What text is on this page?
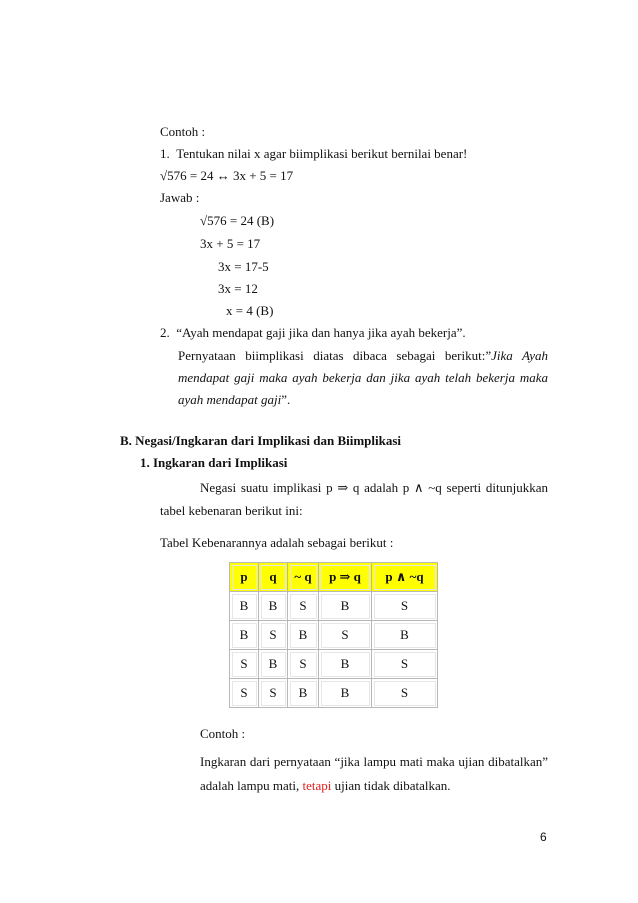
Contoh :
1. Tentukan nilai x agar biimplikasi berikut bernilai benar!
√576 = 24 ↔ 3x + 5 = 17
Jawab :
√576 = 24 (B)
3x + 5 = 17
3x = 17-5
3x = 12
x = 4 (B)
2. “Ayah mendapat gaji jika dan hanya jika ayah bekerja”.
Pernyataan biimplikasi diatas dibaca sebagai berikut:”Jika Ayah
mendapat gaji maka ayah bekerja dan jika ayah telah bekerja maka
ayah mendapat gaji”.
B. Negasi/Ingkaran dari Implikasi dan Biimplikasi
1. Ingkaran dari Implikasi
Negasi suatu implikasi p ⇒ q adalah p ∧ ~q seperti ditunjukkan
tabel kebenaran berikut ini:
Tabel Kebenarannya adalah sebagai berikut :
p	q	~ q	p ⇒ q	p ∧ ~q
B	B	S	B	S
B	S	B	S	B
S	B	S	B	S
S	S	B	B	S
Contoh :
Ingkaran dari pernyataan “jika lampu mati maka ujian dibatalkan”
adalah lampu mati, tetapi ujian tidak dibatalkan.
6
